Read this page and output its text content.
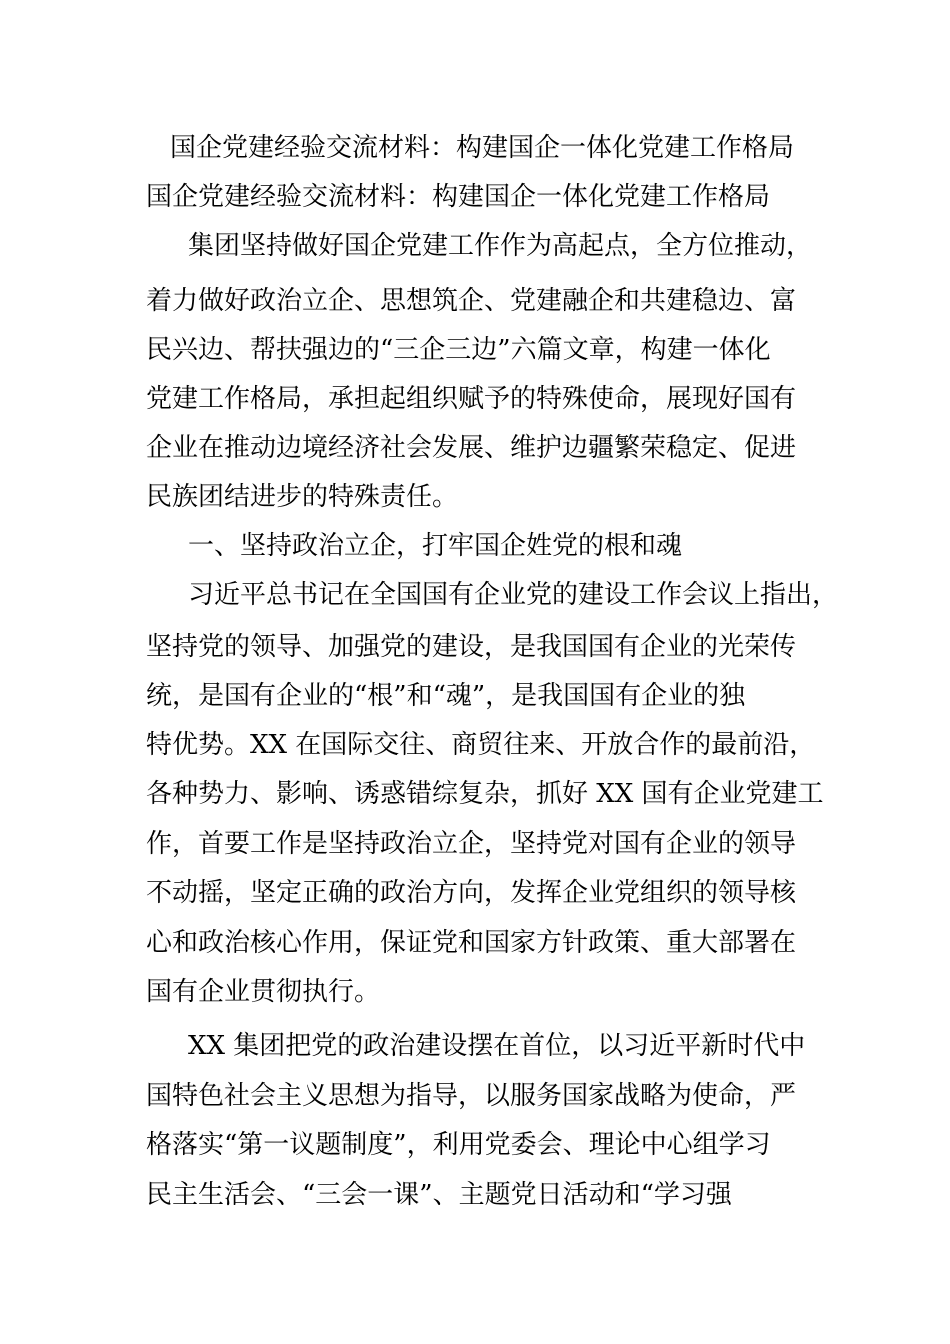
国企党建经验交流材料：构建国企一体化党建工作格局
国企党建经验交流材料：构建国企一体化党建工作格局
集团坚持做好国企党建工作作为高起点，全方位推动，
着力做好政治立企、思想筑企、党建融企和共建稳边、富
民兴边、帮扶强边的“三企三边”六篇文章，构建一体化
党建工作格局，承担起组织赋予的特殊使命，展现好国有
企业在推动边境经济社会发展、维护边疆繁荣稳定、促进
民族团结进步的特殊责任。
一、坚持政治立企，打牢国企姓党的根和魂
习近平总书记在全国国有企业党的建设工作会议上指出，
坚持党的领导、加强党的建设，是我国国有企业的光荣传
统，是国有企业的“根”和“魂”，是我国国有企业的独
特优势。XX 在国际交往、商贸往来、开放合作的最前沿，
各种势力、影响、诱惑错综复杂，抓好 XX 国有企业党建工
作，首要工作是坚持政治立企，坚持党对国有企业的领导
不动摇，坚定正确的政治方向，发挥企业党组织的领导核
心和政治核心作用，保证党和国家方针政策、重大部署在
国有企业贯彻执行。
XX 集团把党的政治建设摆在首位，以习近平新时代中
国特色社会主义思想为指导，以服务国家战略为使命，严
格落实“第一议题制度”，利用党委会、理论中心组学习
民主生活会、“三会一课”、主题党日活动和“学习强
